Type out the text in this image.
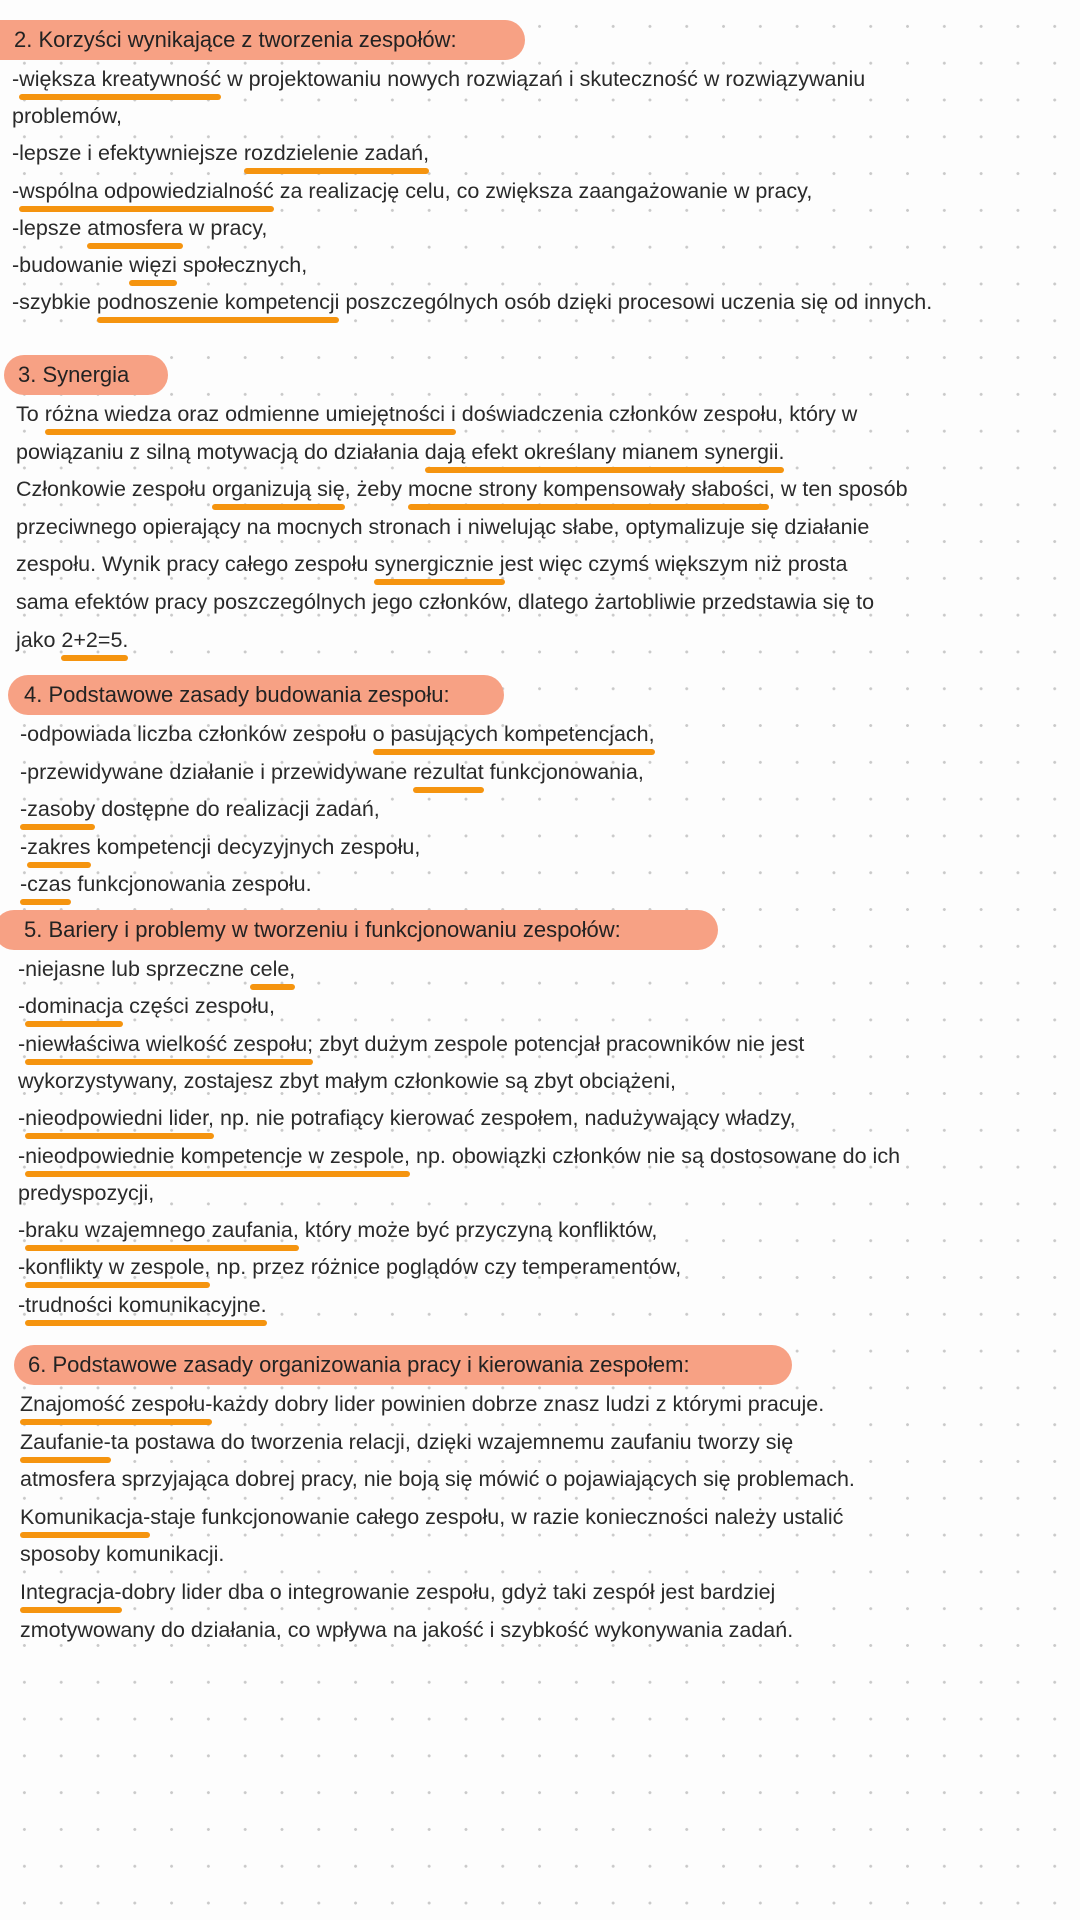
2. Korzyści wynikające z tworzenia zespołów:
-większa kreatywność w projektowaniu nowych rozwiązań i skuteczność w rozwiązywaniu
problemów,
-lepsze i efektywniejsze rozdzielenie zadań,
-wspólna odpowiedzialność za realizację celu, co zwiększa zaangażowanie w pracy,
-lepsze atmosfera w pracy,
-budowanie więzi społecznych,
-szybkie podnoszenie kompetencji poszczególnych osób dzięki procesowi uczenia się od innych.
3. Synergia
To różna wiedza oraz odmienne umiejętności i doświadczenia członków zespołu, który w
powiązaniu z silną motywacją do działania dają efekt określany mianem synergii.
Członkowie zespołu organizują się, żeby mocne strony kompensowały słabości, w ten sposób
przeciwnego opierający na mocnych stronach i niwelując słabe, optymalizuje się działanie
zespołu. Wynik pracy całego zespołu synergicznie jest więc czymś większym niż prosta
sama efektów pracy poszczególnych jego członków, dlatego żartobliwie przedstawia się to
jako 2+2=5.
4. Podstawowe zasady budowania zespołu:
-odpowiada liczba członków zespołu o pasujących kompetencjach,
-przewidywane działanie i przewidywane rezultat funkcjonowania,
-zasoby dostępne do realizacji zadań,
-zakres kompetencji decyzyjnych zespołu,
-czas funkcjonowania zespołu.
5. Bariery i problemy w tworzeniu i funkcjonowaniu zespołów:
-niejasne lub sprzeczne cele,
-dominacja części zespołu,
-niewłaściwa wielkość zespołu; zbyt dużym zespole potencjał pracowników nie jest
wykorzystywany, zostajesz zbyt małym członkowie są zbyt obciążeni,
-nieodpowiedni lider, np. nie potrafiący kierować zespołem, nadużywający władzy,
-nieodpowiednie kompetencje w zespole, np. obowiązki członków nie są dostosowane do ich
predyspozycji,
-braku wzajemnego zaufania, który może być przyczyną konfliktów,
-konflikty w zespole, np. przez różnice poglądów czy temperamentów,
-trudności komunikacyjne.
6. Podstawowe zasady organizowania pracy i kierowania zespołem:
Znajomość zespołu-każdy dobry lider powinien dobrze znasz ludzi z którymi pracuje.
Zaufanie-ta postawa do tworzenia relacji, dzięki wzajemnemu zaufaniu tworzy się
atmosfera sprzyjająca dobrej pracy, nie boją się mówić o pojawiających się problemach.
Komunikacja-staje funkcjonowanie całego zespołu, w razie konieczności należy ustalić
sposoby komunikacji.
Integracja-dobry lider dba o integrowanie zespołu, gdyż taki zespół jest bardziej
zmotywowany do działania, co wpływa na jakość i szybkość wykonywania zadań.
